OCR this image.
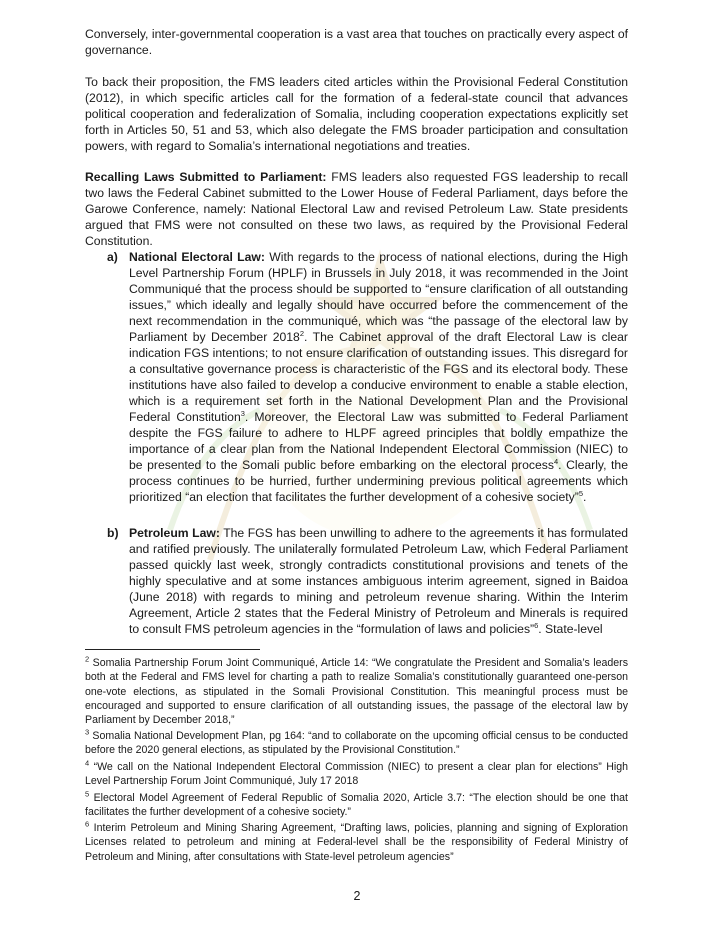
Conversely, inter-governmental cooperation is a vast area that touches on practically every aspect of governance.

To back their proposition, the FMS leaders cited articles within the Provisional Federal Constitution (2012), in which specific articles call for the formation of a federal-state council that advances political cooperation and federalization of Somalia, including cooperation expectations explicitly set forth in Articles 50, 51 and 53, which also delegate the FMS broader participation and consultation powers, with regard to Somalia’s international negotiations and treaties.

Recalling Laws Submitted to Parliament: FMS leaders also requested FGS leadership to recall two laws the Federal Cabinet submitted to the Lower House of Federal Parliament, days before the Garowe Conference, namely: National Electoral Law and revised Petroleum Law. State presidents argued that FMS were not consulted on these two laws, as required by the Provisional Federal Constitution.

a) National Electoral Law: With regards to the process of national elections, during the High Level Partnership Forum (HPLF) in Brussels in July 2018, it was recommended in the Joint Communiqué that the process should be supported to “ensure clarification of all outstanding issues,” which ideally and legally should have occurred before the commencement of the next recommendation in the communiqué, which was “the passage of the electoral law by Parliament by December 2018$^2$. The Cabinet approval of the draft Electoral Law is clear indication FGS intentions; to not ensure clarification of outstanding issues. This disregard for a consultative governance process is characteristic of the FGS and its electoral body. These institutions have also failed to develop a conducive environment to enable a stable election, which is a requirement set forth in the National Development Plan and the Provisional Federal Constitution$^3$. Moreover, the Electoral Law was submitted to Federal Parliament despite the FGS failure to adhere to HLPF agreed principles that boldly empathize the importance of a clear plan from the National Independent Electoral Commission (NIEC) to be presented to the Somali public before embarking on the electoral process$^4$. Clearly, the process continues to be hurried, further undermining previous political agreements which prioritized “an election that facilitates the further development of a cohesive society”$^5$.

b) Petroleum Law: The FGS has been unwilling to adhere to the agreements it has formulated and ratified previously. The unilaterally formulated Petroleum Law, which Federal Parliament passed quickly last week, strongly contradicts constitutional provisions and tenets of the highly speculative and at some instances ambiguous interim agreement, signed in Baidoa (June 2018) with regards to mining and petroleum revenue sharing. Within the Interim Agreement, Article 2 states that the Federal Ministry of Petroleum and Minerals is required to consult FMS petroleum agencies in the “formulation of laws and policies”$^6$. State-level

$^2$ Somalia Partnership Forum Joint Communiqué, Article 14: “We congratulate the President and Somalia’s leaders both at the Federal and FMS level for charting a path to realize Somalia’s constitutionally guaranteed one-person one-vote elections, as stipulated in the Somali Provisional Constitution. This meaningful process must be encouraged and supported to ensure clarification of all outstanding issues, the passage of the electoral law by Parliament by December 2018,”

$^3$ Somalia National Development Plan, pg 164: “and to collaborate on the upcoming official census to be conducted before the 2020 general elections, as stipulated by the Provisional Constitution.”

$^4$ “We call on the National Independent Electoral Commission (NIEC) to present a clear plan for elections” High Level Partnership Forum Joint Communiqué, July 17 2018

$^5$ Electoral Model Agreement of Federal Republic of Somalia 2020, Article 3.7: “The election should be one that facilitates the further development of a cohesive society.”

$^6$ Interim Petroleum and Mining Sharing Agreement, “Drafting laws, policies, planning and signing of Exploration Licenses related to petroleum and mining at Federal-level shall be the responsibility of Federal Ministry of Petroleum and Mining, after consultations with State-level petroleum agencies”

2
